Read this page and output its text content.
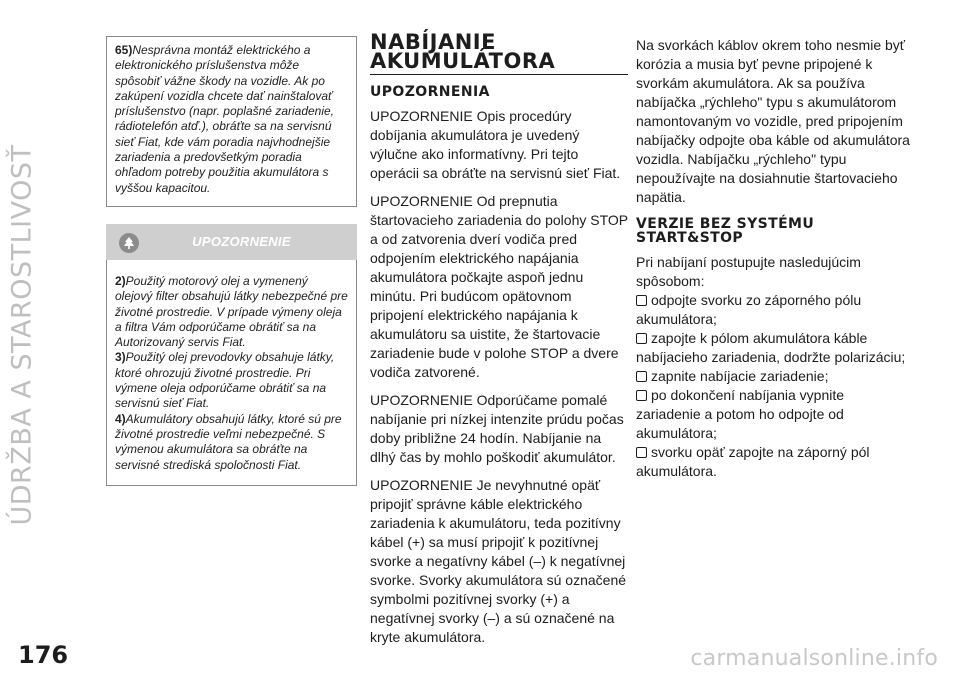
ÚDRŽBA A STAROSTLIVOSŤ
176

65)Nesprávna montáž elektrického a elektronického príslušenstva môže spôsobiť vážne škody na vozidle. Ak po zakúpení vozidla chcete dať nainštalovať príslušenstvo (napr. poplašné zariadenie, rádiotelefón atď.), obráťte sa na servisnú sieť Fiat, kde vám poradia najvhodnejšie zariadenia a predovšetkým poradia ohľadom potreby použitia akumulátora s vyššou kapacitou.

UPOZORNENIE

2)Použitý motorový olej a vymenený olejový filter obsahujú látky nebezpečné pre životné prostredie. V prípade výmeny oleja a filtra Vám odporúčame obrátiť sa na Autorizovaný servis Fiat.

3)Použitý olej prevodovky obsahuje látky, ktoré ohrozujú životné prostredie. Pri výmene oleja odporúčame obrátiť sa na servisnú sieť Fiat.

4)Akumulátory obsahujú látky, ktoré sú pre životné prostredie veľmi nebezpečné. S výmenou akumulátora sa obráťte na servisné strediská spoločnosti Fiat.

NABÍJANIE AKUMULÁTORA
UPOZORNENIA

UPOZORNENIE Opis procedúry dobíjania akumulátora je uvedený výlučne ako informatívny. Pri tejto operácii sa obráťte na servisnú sieť Fiat.

UPOZORNENIE Od prepnutia štartovacieho zariadenia do polohy STOP a od zatvorenia dverí vodiča pred odpojením elektrického napájania akumulátora počkajte aspoň jednu minútu. Pri budúcom opätovnom pripojení elektrického napájania k akumulátoru sa uistite, že štartovacie zariadenie bude v polohe STOP a dvere vodiča zatvorené.

UPOZORNENIE Odporúčame pomalé nabíjanie pri nízkej intenzite prúdu počas doby približne 24 hodín. Nabíjanie na dlhý čas by mohlo poškodiť akumulátor.

UPOZORNENIE Je nevyhnutné opäť pripojiť správne káble elektrického zariadenia k akumulátoru, teda pozitívny kábel (+) sa musí pripojiť k pozitívnej svorke a negatívny kábel (–) k negatívnej svorke. Svorky akumulátora sú označené symbolmi pozitívnej svorky (+) a negatívnej svorky (–) a sú označené na kryte akumulátora.

Na svorkách káblov okrem toho nesmie byť korózia a musia byť pevne pripojené k svorkám akumulátora. Ak sa používa nabíjačka „rýchleho" typu s akumulátorom namontovaným vo vozidle, pred pripojením nabíjačky odpojte oba káble od akumulátora vozidla. Nabíjačku „rýchleho" typu nepoužívajte na dosiahnutie štartovacieho napätia.

VERZIE BEZ SYSTÉMU START&STOP

Pri nabíjaní postupujte nasledujúcim spôsobom:

odpojte svorku zo záporného pólu akumulátora;

zapojte k pólom akumulátora káble nabíjacieho zariadenia, dodržte polarizáciu;

zapnite nabíjacie zariadenie;

po dokončení nabíjania vypnite zariadenie a potom ho odpojte od akumulátora;

svorku opäť zapojte na záporný pól akumulátora.

carmanualsonline.info
